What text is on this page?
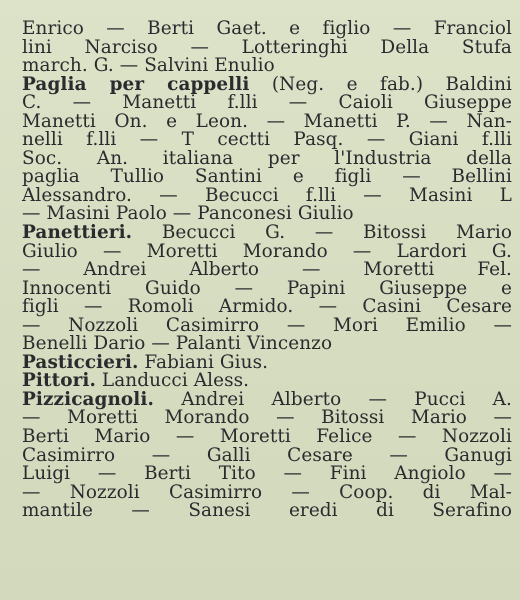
Enrico — Berti Gaet. e figlio — Franciol
lini Narciso — Lotteringhi Della Stufa
march. G. — Salvini Enulio
Paglia per cappelli (Neg. e fab.) Baldini
C. — Manetti f.lli — Caioli Giuseppe
Manetti On. e Leon. — Manetti P. — Nan-
nelli f.lli — T cectti Pasq. — Giani f.lli
Soc. An. italiana per l'Industria della
paglia Tullio Santini e figli — Bellini
Alessandro. — Becucci f.lli — Masini L
— Masini Paolo — Panconesi Giulio
Panettieri. Becucci G. — Bitossi Mario
Giulio — Moretti Morando — Lardori G.
— Andrei Alberto — Moretti Fel.
Innocenti Guido — Papini Giuseppe e
figli — Romoli Armido. — Casini Cesare
— Nozzoli Casimirro — Mori Emilio —
Benelli Dario — Palanti Vincenzo
Pasticcieri. Fabiani Gius.
Pittori. Landucci Aless.
Pizzicagnoli. Andrei Alberto — Pucci A.
— Moretti Morando — Bitossi Mario —
Berti Mario — Moretti Felice — Nozzoli
Casimirro — Galli Cesare — Ganugi
Luigi — Berti Tito — Fini Angiolo —
— Nozzoli Casimirro — Coop. di Mal-
mantile — Sanesi eredi di Serafino
